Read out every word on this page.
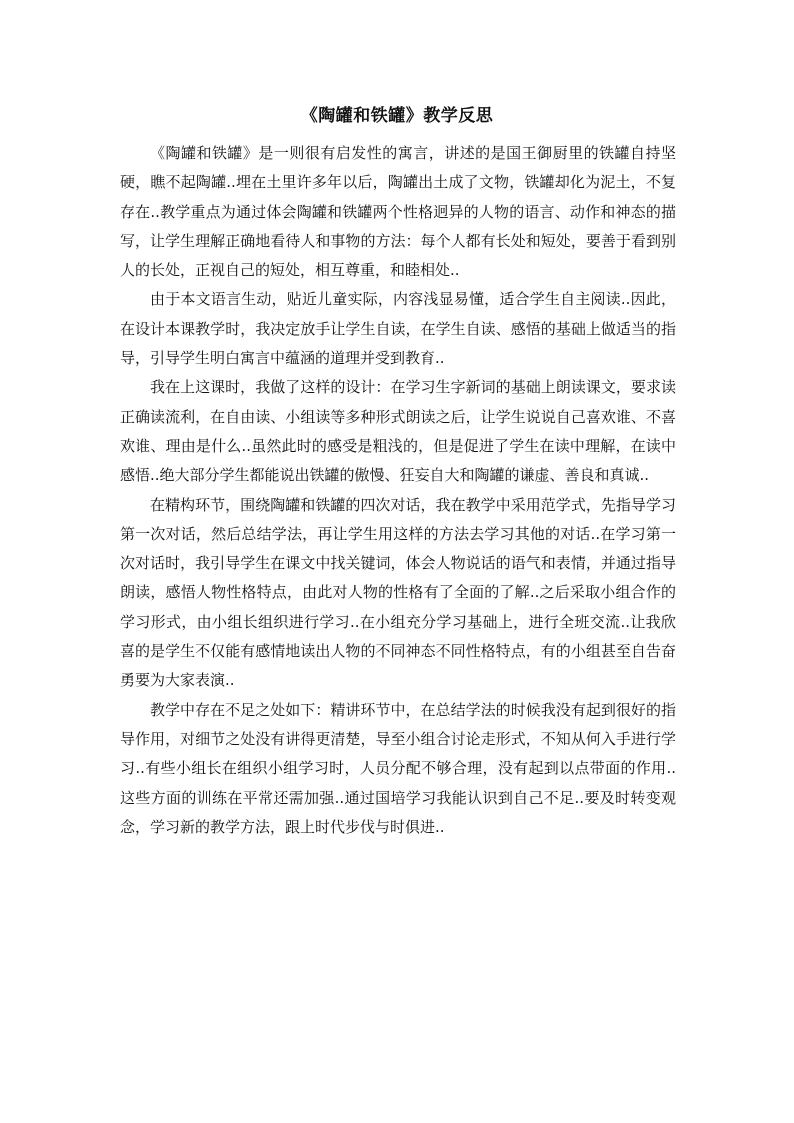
《陶罐和铁罐》教学反思

《陶罐和铁罐》是一则很有启发性的寓言，讲述的是国王御厨里的铁罐自持坚硬，瞧不起陶罐..埋在土里许多年以后，陶罐出土成了文物，铁罐却化为泥土，不复存在..教学重点为通过体会陶罐和铁罐两个性格迥异的人物的语言、动作和神态的描写，让学生理解正确地看待人和事物的方法：每个人都有长处和短处，要善于看到别人的长处，正视自己的短处，相互尊重，和睦相处..

由于本文语言生动，贴近儿童实际，内容浅显易懂，适合学生自主阅读..因此，在设计本课教学时，我决定放手让学生自读，在学生自读、感悟的基础上做适当的指导，引导学生明白寓言中蕴涵的道理并受到教育..

我在上这课时，我做了这样的设计：在学习生字新词的基础上朗读课文，要求读正确读流利，在自由读、小组读等多种形式朗读之后，让学生说说自己喜欢谁、不喜欢谁、理由是什么..虽然此时的感受是粗浅的，但是促进了学生在读中理解，在读中感悟..绝大部分学生都能说出铁罐的傲慢、狂妄自大和陶罐的谦虚、善良和真诚..

在精构环节，围绕陶罐和铁罐的四次对话，我在教学中采用范学式，先指导学习第一次对话，然后总结学法，再让学生用这样的方法去学习其他的对话..在学习第一次对话时，我引导学生在课文中找关键词，体会人物说话的语气和表情，并通过指导朗读，感悟人物性格特点，由此对人物的性格有了全面的了解..之后采取小组合作的学习形式，由小组长组织进行学习..在小组充分学习基础上，进行全班交流..让我欣喜的是学生不仅能有感情地读出人物的不同神态不同性格特点，有的小组甚至自告奋勇要为大家表演..

教学中存在不足之处如下：精讲环节中，在总结学法的时候我没有起到很好的指导作用，对细节之处没有讲得更清楚，导至小组合讨论走形式，不知从何入手进行学习..有些小组长在组织小组学习时，人员分配不够合理，没有起到以点带面的作用..这些方面的训练在平常还需加强..通过国培学习我能认识到自己不足..要及时转变观念，学习新的教学方法，跟上时代步伐与时俱进..
